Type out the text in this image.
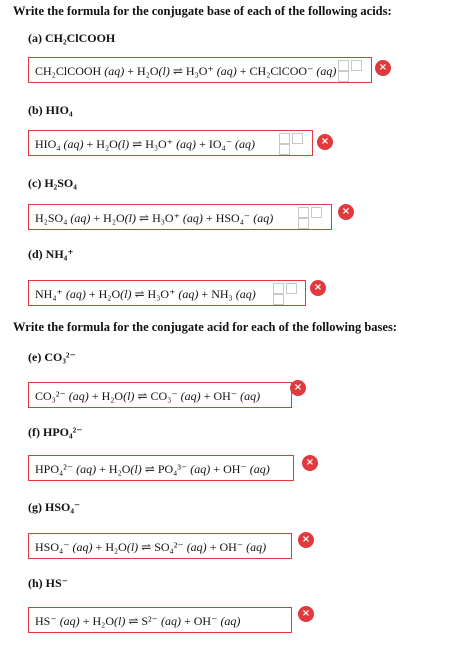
Write the formula for the conjugate base of each of the following acids:
(a) CH₂ClCOOH
CH₂ClCOOH (aq) + H₂O(l) ⇌ H₃O⁺ (aq) + CH₂ClCOO⁻ (aq)	×
(b) HIO₄
HIO₄ (aq) + H₂O(l) ⇌ H₃O⁺ (aq) + IO₄⁻ (aq)	×
(c) H₂SO₄
H₂SO₄ (aq) + H₂O(l) ⇌ H₃O⁺ (aq) + HSO₄⁻ (aq)	×
(d) NH₄⁺
NH₄⁺ (aq) + H₂O(l) ⇌ H₃O⁺ (aq) + NH₃ (aq)	×
Write the formula for the conjugate acid for each of the following bases:
(e) CO₃²⁻
CO₃²⁻ (aq) + H₂O(l) ⇌ CO₃⁻ (aq) + OH⁻ (aq)
×
(f) HPO₄²⁻
HPO₄²⁻ (aq) + H₂O(l) ⇌ PO₄³⁻ (aq) + OH⁻ (aq)	×
(g) HSO₄⁻
HSO₄⁻ (aq) + H₂O(l) ⇌ SO₄²⁻ (aq) + OH⁻ (aq)
×
(h) HS⁻
HS⁻ (aq) + H₂O(l) ⇌ S²⁻ (aq) + OH⁻ (aq)
×
